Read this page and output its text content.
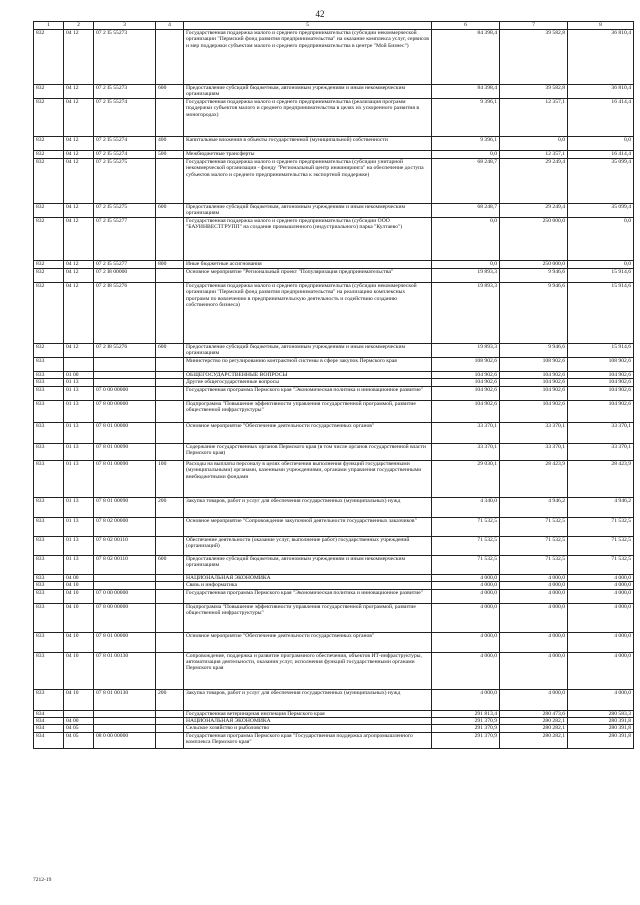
42
1	2	3	4	5	6	7	8
832	04 12	07 2 I5 55273		Государственная поддержка малого и среднего предпринимательства (субсидии некоммерческой организации "Пермский фонд развития предпринимательства" на оказание комплекса услуг, сервисов и мер поддержки субъектам малого и среднего предпринимательства в центре "Мой Бизнес")	84 398,4	39 582,8	36 810,4
832	04 12	07 2 I5 55273	600	Предоставление субсидий бюджетным, автономным учреждениям и иным некоммерческим организациям	84 398,4	39 582,8	36 810,4
832	04 12	07 2 I5 55274		Государственная поддержка малого и среднего предпринимательства (реализация программ поддержки субъектов малого и среднего предпринимательства в целях их ускоренного развития в моногородах)	9 396,1	12 357,1	16 414,4
832	04 12	07 2 I5 55274	400	Капитальные вложения в объекты государственной (муниципальной) собственности	9 396,1	0,0	0,0
832	04 12	07 2 I5 55274	500	Межбюджетные трансферты	0,0	12 357,1	16 414,4
832	04 12	07 2 I5 55275		Государственная поддержка малого и среднего предпринимательства (субсидии унитарной некоммерческой организации - фонду "Региональный центр инжиниринга" на обеспечение доступа субъектов малого и среднего предпринимательства к экспортной поддержке)	68 248,7	29 249,4	35 099,4
832	04 12	07 2 I5 55275	600	Предоставление субсидий бюджетным, автономным учреждениям и иным некоммерческим организациям	68 248,7	29 249,4	35 099,4
832	04 12	07 2 I5 55277		Государственная поддержка малого и среднего предпринимательства (субсидии ООО "БАУИНВЕСТГРУПП" на создание промышленного (индустриального) парка "Култаево")	0,0	250 000,0	0,0
832	04 12	07 2 I5 55277	800	Иные бюджетные ассигнования	0,0	250 000,0	0,0
832	04 12	07 2 I8 00000		Основное мероприятие "Региональный проект "Популяризация предпринимательства"	19 893,3	9 946,6	15 914,6
832	04 12	07 2 I8 55276		Государственная поддержка малого и среднего предпринимательства (субсидии некоммерческой организации "Пермский фонд развития предпринимательства" на реализацию комплексных программ по вовлечению в предпринимательскую деятельность и содействию созданию собственного бизнеса)	19 893,3	9 946,6	15 914,6
832	04 12	07 2 I8 55276	600	Предоставление субсидий бюджетным, автономным учреждениям и иным некоммерческим организациям	19 893,3	9 946,6	15 914,6
833				Министерство по регулированию контрактной системы в сфере закупок Пермского края	108 902,6	108 902,6	108 902,6
833	01 00			ОБЩЕГОСУДАРСТВЕННЫЕ ВОПРОСЫ	104 902,6	104 902,6	104 902,6
833	01 13			Другие общегосударственные вопросы	104 902,6	104 902,6	104 902,6
833	01 13	07 0 00 00000		Государственная программа Пермского края "Экономическая политика и инновационное развитие"	104 902,6	104 902,6	104 902,6
833	01 13	07 8 00 00000		Подпрограмма "Повышение эффективности управления государственной программой, развитие общественной инфраструктуры"	104 902,6	104 902,6	104 902,6
833	01 13	07 8 01 00000		Основное мероприятие "Обеспечение деятельности государственных органов"	33 370,1	33 370,1	33 370,1
833	01 13	07 8 01 00090		Содержание государственных органов Пермского края (в том числе органов государственной власти Пермского края)	33 370,1	33 370,1	33 370,1
833	01 13	07 8 01 00090	100	Расходы на выплаты персоналу в целях обеспечения выполнения функций государственными (муниципальными) органами, казенными учреждениями, органами управления государственными внебюджетными фондами	29 030,1	28 423,9	28 423,9
833	01 13	07 8 01 00090	200	Закупка товаров, работ и услуг для обеспечения государственных (муниципальных) нужд	4 340,0	4 946,2	4 946,2
833	01 13	07 8 02 00000		Основное мероприятие "Сопровождение закупочной деятельности государственных заказчиков"	71 532,5	71 532,5	71 532,5
833	01 13	07 8 02 00110		Обеспечение деятельности (оказание услуг, выполнение работ) государственных учреждений (организаций)	71 532,5	71 532,5	71 532,5
833	01 13	07 8 02 00110	600	Предоставление субсидий бюджетным, автономным учреждениям и иным некоммерческим организациям	71 532,5	71 532,5	71 532,5
833	04 00			НАЦИОНАЛЬНАЯ ЭКОНОМИКА	4 000,0	4 000,0	4 000,0
833	04 10			Связь и информатика	4 000,0	4 000,0	4 000,0
833	04 10	07 0 00 00000		Государственная программа Пермского края "Экономическая политика и инновационное развитие"	4 000,0	4 000,0	4 000,0
833	04 10	07 8 00 00000		Подпрограмма "Повышение эффективности управления государственной программой, развитие общественной инфраструктуры"	4 000,0	4 000,0	4 000,0
833	04 10	07 8 01 00000		Основное мероприятие "Обеспечение деятельности государственных органов"	4 000,0	4 000,0	4 000,0
833	04 10	07 8 01 00130		Сопровождение, поддержка и развитие программного обеспечения, объектов ИТ-инфраструктуры, автоматизация деятельности, оказания услуг, исполнения функций государственными органами Пермского края	4 000,0	4 000,0	4 000,0
833	04 10	07 8 01 00130	200	Закупка товаров, работ и услуг для обеспечения государственных (муниципальных) нужд	4 000,0	4 000,0	4 000,0
834				Государственная ветеринарная инспекция Пермского края	291 813,4	280 473,6	280 583,3
834	04 00			НАЦИОНАЛЬНАЯ ЭКОНОМИКА	291 370,9	280 282,1	280 391,8
834	04 05			Сельское хозяйство и рыболовство	291 370,9	280 282,1	280 391,8
834	04 05	08 0 00 00000		Государственная программа Пермского края "Государственная поддержка агропромышленного комплекса Пермского края"	291 370,9	280 282,1	280 391,8
7212-19
